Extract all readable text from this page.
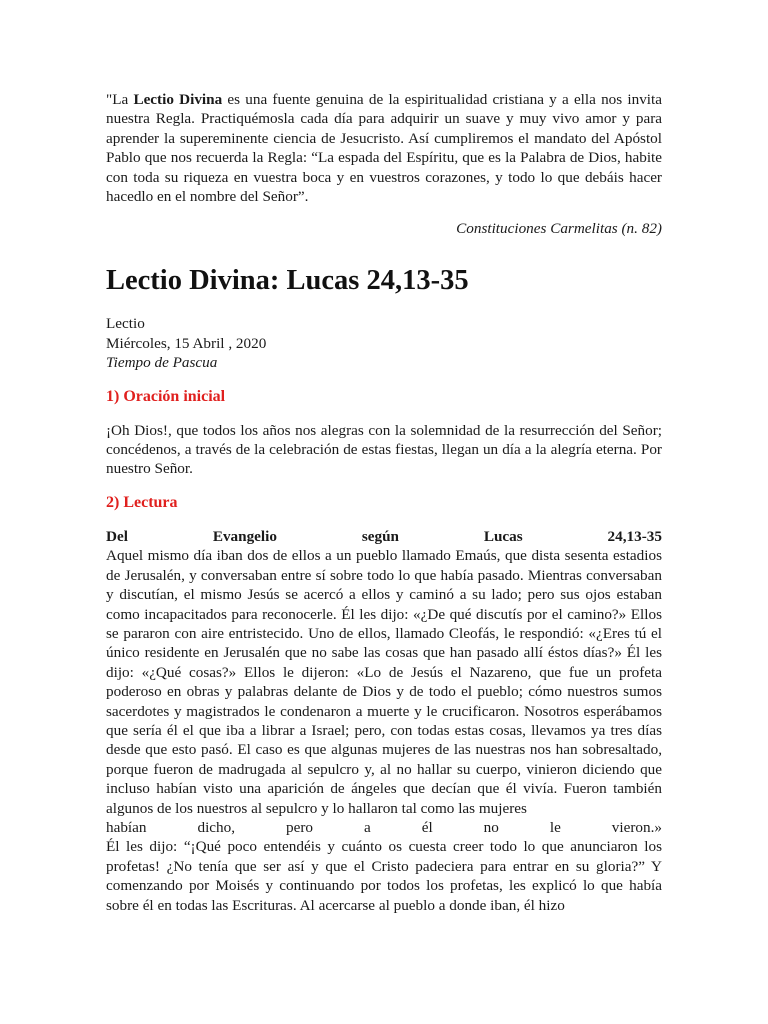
"La Lectio Divina es una fuente genuina de la espiritualidad cristiana y a ella nos invita nuestra Regla. Practiquémosla cada día para adquirir un suave y muy vivo amor y para aprender la supereminente ciencia de Jesucristo. Así cumpliremos el mandato del Apóstol Pablo que nos recuerda la Regla: “La espada del Espíritu, que es la Palabra de Dios, habite con toda su riqueza en vuestra boca y en vuestros corazones, y todo lo que debáis hacer hacedlo en el nombre del Señor”.

Constituciones Carmelitas (n. 82)

Lectio Divina: Lucas 24,13-35
Lectio
Miércoles, 15 Abril , 2020
Tiempo de Pascua
1) Oración inicial

¡Oh Dios!, que todos los años nos alegras con la solemnidad de la resurrección del Señor; concédenos, a través de la celebración de estas fiestas, llegan un día a la alegría eterna. Por nuestro Señor.

2) Lectura
Del	Evangelio	según	Lucas	24,13-35

Aquel mismo día iban dos de ellos a un pueblo llamado Emaús, que dista sesenta estadios de Jerusalén, y conversaban entre sí sobre todo lo que había pasado. Mientras conversaban y discutían, el mismo Jesús se acercó a ellos y caminó a su lado; pero sus ojos estaban como incapacitados para reconocerle. Él les dijo: «¿De qué discutís por el camino?» Ellos se pararon con aire entristecido. Uno de ellos, llamado Cleofás, le respondió: «¿Eres tú el único residente en Jerusalén que no sabe las cosas que han pasado allí éstos días?» Él les dijo: «¿Qué cosas?» Ellos le dijeron: «Lo de Jesús el Nazareno, que fue un profeta poderoso en obras y palabras delante de Dios y de todo el pueblo; cómo nuestros sumos sacerdotes y magistrados le condenaron a muerte y le crucificaron. Nosotros esperábamos que sería él el que iba a librar a Israel; pero, con todas estas cosas, llevamos ya tres días desde que esto pasó. El caso es que algunas mujeres de las nuestras nos han sobresaltado, porque fueron de madrugada al sepulcro y, al no hallar su cuerpo, vinieron diciendo que incluso habían visto una aparición de ángeles que decían que él vivía. Fueron también algunos de los nuestros al sepulcro y lo hallaron tal como las mujeres

habían	dicho,	pero	a	él	no	le	vieron.»

Él les dijo: “¡Qué poco entendéis y cuánto os cuesta creer todo lo que anunciaron los profetas! ¿No tenía que ser así y que el Cristo padeciera para entrar en su gloria?” Y comenzando por Moisés y continuando por todos los profetas, les explicó lo que había sobre él en todas las Escrituras. Al acercarse al pueblo a donde iban, él hizo
